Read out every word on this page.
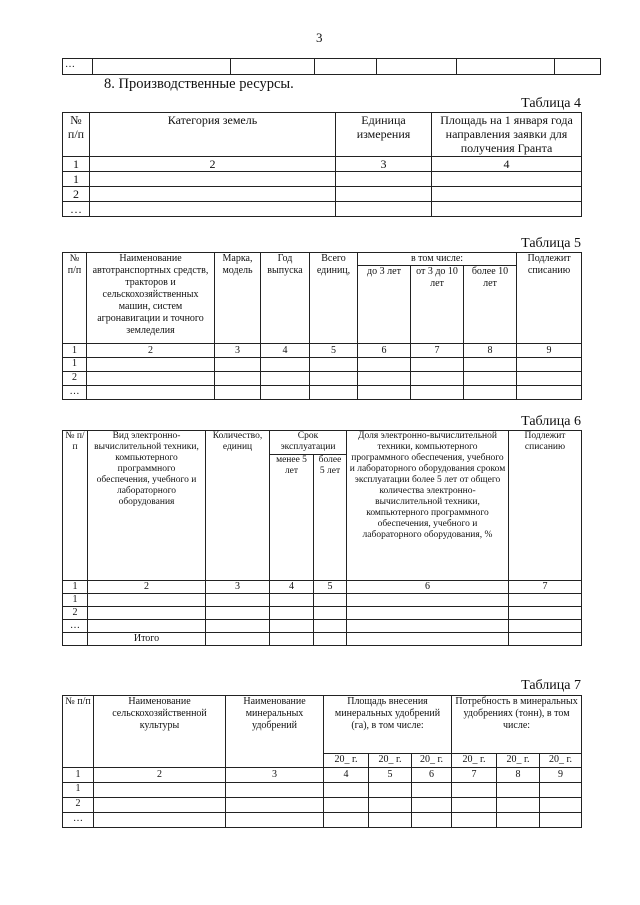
3
…						
8. Производственные ресурсы.
Таблица 4
№ п/п	Категория земель	Единица измерения	Площадь на 1 января года направления заявки для получения Гранта
1	2	3	4
1			
2			
…			
Таблица 5
№ п/п	Наименование автотранспортных средств, тракторов и сельскохозяйственных машин, систем агронавигации и точного земледелия	Марка, модель	Год выпуска	Всего единиц,	в том числе:			Подлежит списанию
					до 3 лет	от 3 до 10 лет	более 10 лет	
1	2	3	4	5	6	7	8	9
1								
2								
…								
Таблица 6
№ п/п	Вид электронно-вычислительной техники, компьютерного программного обеспечения, учебного и лабораторного оборудования	Количество, единиц	Срок эксплуатации		Доля электронно-вычислительной техники, компьютерного программного обеспечения, учебного и лабораторного оборудования сроком эксплуатации более 5 лет от общего количества электронно-вычислительной техники, компьютерного программного обеспечения, учебного и лабораторного оборудования, %	Подлежит списанию
			менее 5 лет	более 5 лет		
1	2	3	4	5	6	7
1						
2						
…						
	Итого					
Таблица 7
№ п/п	Наименование сельскохозяйственной культуры	Наименование минеральных удобрений	Площадь внесения минеральных удобрений (га), в том числе:			Потребность в минеральных удобрениях (тонн), в том числе:		
			20_ г.	20_ г.	20_ г.	20_ г.	20_ г.	20_ г.
1	2	3	4	5	6	7	8	9
1								
2								
…								
